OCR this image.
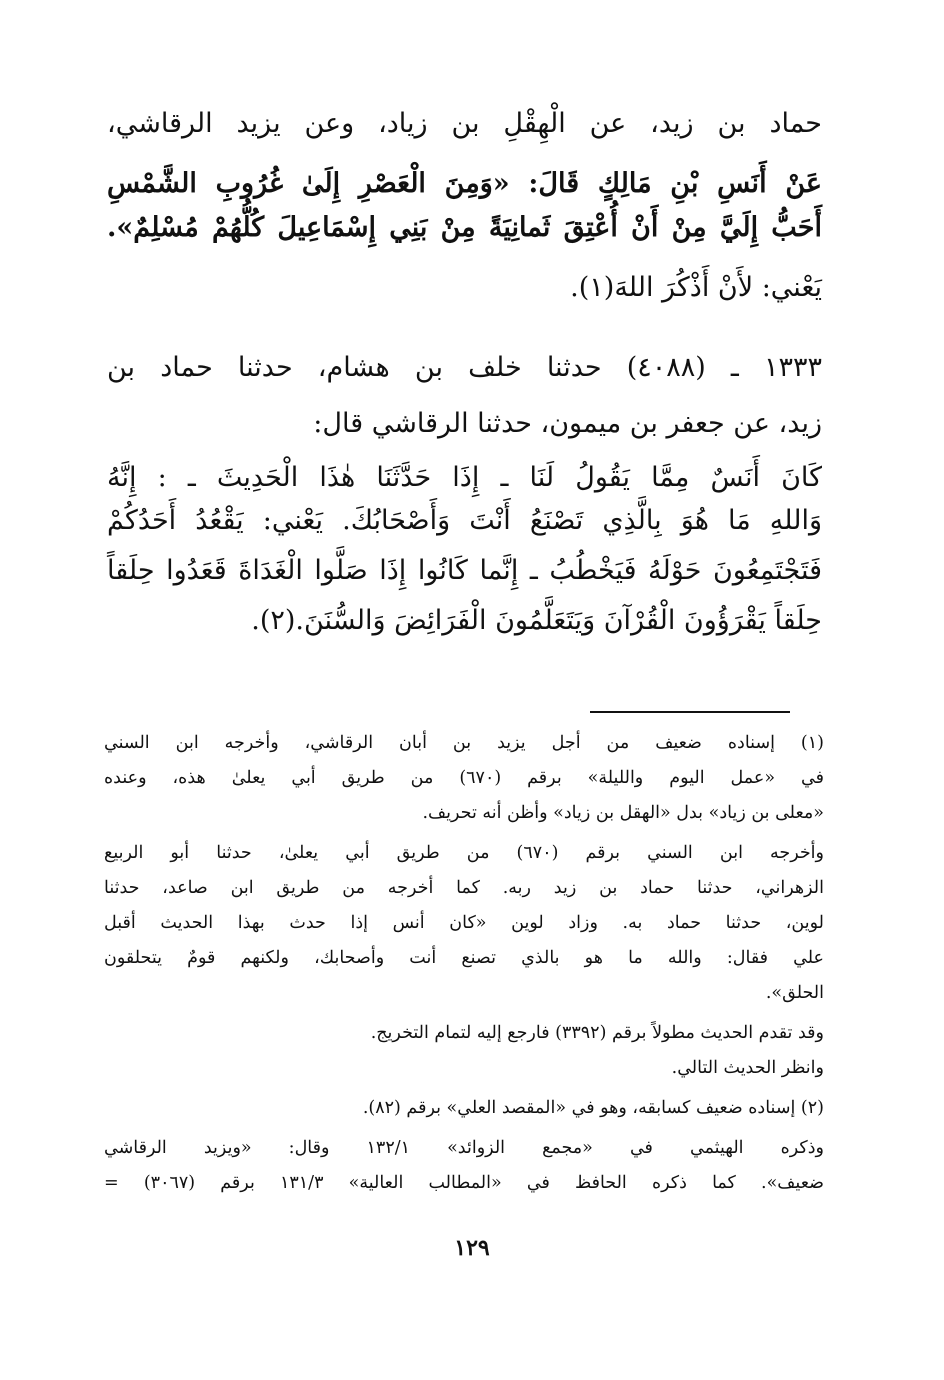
حماد بن زيد، عن الْهِقْلِ بن زياد، وعن يزيد الرقاشي،
عَنْ أَنَسِ بْنِ مَالِكٍ قَالَ: «وَمِنَ الْعَصْرِ إِلَىٰ غُرُوبِ الشَّمْسِ
أَحَبُّ إِلَيَّ مِنْ أَنْ أُعْتِقَ ثَمانِيَةً مِنْ بَنِي إِسْمَاعِيلَ كُلُّهُمْ مُسْلِمٌ».
يَعْني: لأَنْ أَذْكُرَ اللهَ(١).
١٣٣٣ ـ (٤٠٨٨) حدثنا خلف بن هشام، حدثنا حماد بن
زيد، عن جعفر بن ميمون، حدثنا الرقاشي قال:
كَانَ أَنَسٌ مِمَّا يَقُولُ لَنَا ـ إِذَا حَدَّثَنَا هٰذَا الْحَدِيثَ ـ : إِنَّهُ
وَاللهِ مَا هُوَ بِالَّذِي تَصْنَعُ أَنْتَ وَأَصْحَابُكَ. يَعْني: يَقْعُدُ أَحَدُكُمْ
فَتَجْتَمِعُونَ حَوْلَهُ فَيَخْطُبُ ـ إِنَّما كَانُوا إِذَا صَلَّوا الْغَدَاةَ قَعَدُوا حِلَقاً
حِلَقاً يَقْرَؤُونَ الْقُرْآنَ وَيَتَعَلَّمُونَ الْفَرَائِضَ وَالسُّنَنَ.(٢).
(١) إسناده ضعيف من أجل يزيد بن أبان الرقاشي، وأخرجه ابن السني
في «عمل اليوم والليلة» برقم (٦٧٠) من طريق أبي يعلىٰ هذه، وعنده
«معلى بن زياد» بدل «الهقل بن زياد» وأظن أنه تحريف.
وأخرجه ابن السني برقم (٦٧٠) من طريق أبي يعلىٰ، حدثنا أبو الربيع
الزهراني، حدثنا حماد بن زيد ربه. كما أخرجه من طريق ابن صاعد، حدثنا
لوين، حدثنا حماد به. وزاد لوين «كان أنس إذا حدث بهذا الحديث أقبل
علي فقال: والله ما هو بالذي تصنع أنت وأصحابك، ولكنهم قومٌ يتحلقون
الحلق».
وقد تقدم الحديث مطولاً برقم (٣٣٩٢) فارجع إليه لتمام التخريج.
وانظر الحديث التالي.
(٢) إسناده ضعيف كسابقه، وهو في «المقصد العلي» برقم (٨٢).
وذكره الهيثمي في «مجمع الزوائد» ١٣٢/١ وقال: «ويزيد الرقاشي
ضعيف». كما ذكره الحافظ في «المطالب العالية» ١٣١/٣ برقم (٣٠٦٧) =
١٢٩
